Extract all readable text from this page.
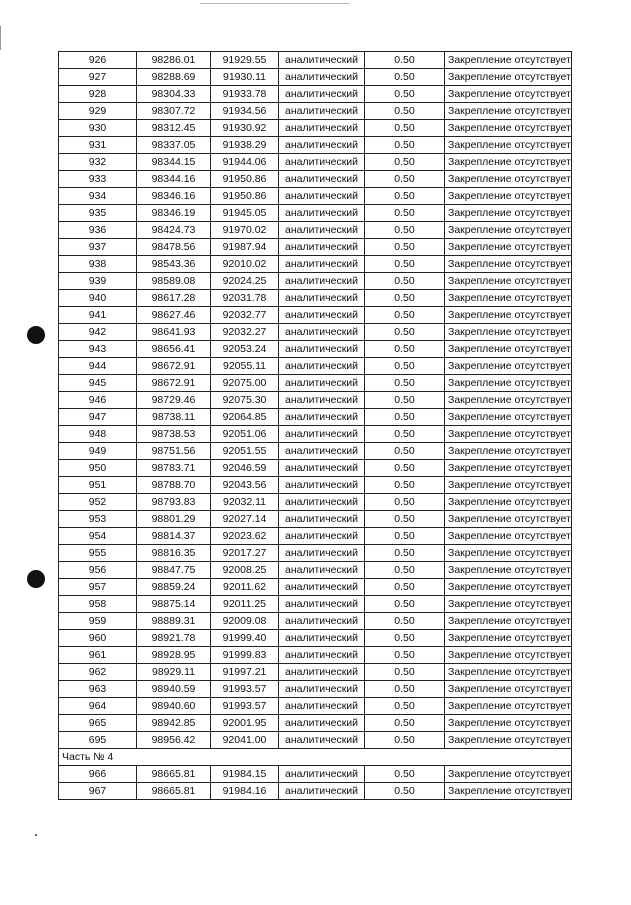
926	98286.01	91929.55	аналитический	0.50	Закрепление отсутствует
927	98288.69	91930.11	аналитический	0.50	Закрепление отсутствует
928	98304.33	91933.78	аналитический	0.50	Закрепление отсутствует
929	98307.72	91934.56	аналитический	0.50	Закрепление отсутствует
930	98312.45	91930.92	аналитический	0.50	Закрепление отсутствует
931	98337.05	91938.29	аналитический	0.50	Закрепление отсутствует
932	98344.15	91944.06	аналитический	0.50	Закрепление отсутствует
933	98344.16	91950.86	аналитический	0.50	Закрепление отсутствует
934	98346.16	91950.86	аналитический	0.50	Закрепление отсутствует
935	98346.19	91945.05	аналитический	0.50	Закрепление отсутствует
936	98424.73	91970.02	аналитический	0.50	Закрепление отсутствует
937	98478.56	91987.94	аналитический	0.50	Закрепление отсутствует
938	98543.36	92010.02	аналитический	0.50	Закрепление отсутствует
939	98589.08	92024.25	аналитический	0.50	Закрепление отсутствует
940	98617.28	92031.78	аналитический	0.50	Закрепление отсутствует
941	98627.46	92032.77	аналитический	0.50	Закрепление отсутствует
942	98641.93	92032.27	аналитический	0.50	Закрепление отсутствует
943	98656.41	92053.24	аналитический	0.50	Закрепление отсутствует
944	98672.91	92055.11	аналитический	0.50	Закрепление отсутствует
945	98672.91	92075.00	аналитический	0.50	Закрепление отсутствует
946	98729.46	92075.30	аналитический	0.50	Закрепление отсутствует
947	98738.11	92064.85	аналитический	0.50	Закрепление отсутствует
948	98738.53	92051.06	аналитический	0.50	Закрепление отсутствует
949	98751.56	92051.55	аналитический	0.50	Закрепление отсутствует
950	98783.71	92046.59	аналитический	0.50	Закрепление отсутствует
951	98788.70	92043.56	аналитический	0.50	Закрепление отсутствует
952	98793.83	92032.11	аналитический	0.50	Закрепление отсутствует
953	98801.29	92027.14	аналитический	0.50	Закрепление отсутствует
954	98814.37	92023.62	аналитический	0.50	Закрепление отсутствует
955	98816.35	92017.27	аналитический	0.50	Закрепление отсутствует
956	98847.75	92008.25	аналитический	0.50	Закрепление отсутствует
957	98859.24	92011.62	аналитический	0.50	Закрепление отсутствует
958	98875.14	92011.25	аналитический	0.50	Закрепление отсутствует
959	98889.31	92009.08	аналитический	0.50	Закрепление отсутствует
960	98921.78	91999.40	аналитический	0.50	Закрепление отсутствует
961	98928.95	91999.83	аналитический	0.50	Закрепление отсутствует
962	98929.11	91997.21	аналитический	0.50	Закрепление отсутствует
963	98940.59	91993.57	аналитический	0.50	Закрепление отсутствует
964	98940.60	91993.57	аналитический	0.50	Закрепление отсутствует
965	98942.85	92001.95	аналитический	0.50	Закрепление отсутствует
695	98956.42	92041.00	аналитический	0.50	Закрепление отсутствует
Часть № 4					
966	98665.81	91984.15	аналитический	0.50	Закрепление отсутствует
967	98665.81	91984.16	аналитический	0.50	Закрепление отсутствует
